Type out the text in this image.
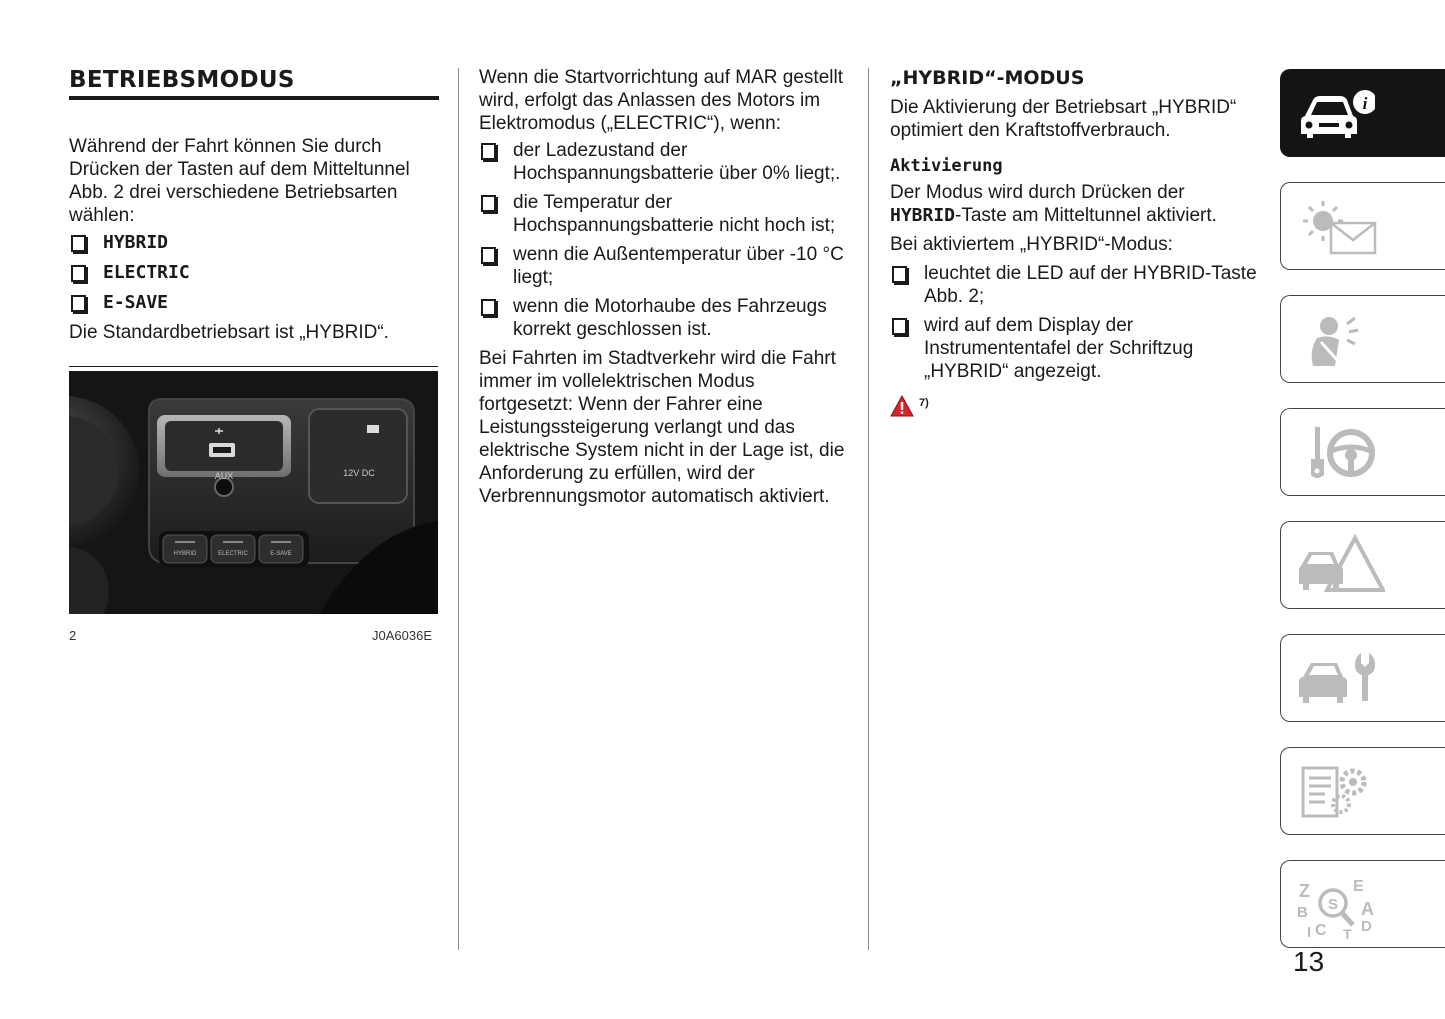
BETRIEBSMODUS

Während der Fahrt können Sie durch Drücken der Tasten auf dem Mitteltunnel Abb. 2 drei verschiedene Betriebsarten wählen:

HYBRID
ELECTRIC
E-SAVE

Die Standardbetriebsart ist „HYBRID“.

AUX	12V DC
HYBRID	ELECTRIC	E-SAVE
2	J0A6036E

Wenn die Startvorrichtung auf MAR gestellt wird, erfolgt das Anlassen des Motors im Elektromodus („ELECTRIC“), wenn:

der Ladezustand der Hochspannungsbatterie über 0% liegt;.
die Temperatur der Hochspannungsbatterie nicht hoch ist;
wenn die Außentemperatur über -10 °C liegt;
wenn die Motorhaube des Fahrzeugs korrekt geschlossen ist.

Bei Fahrten im Stadtverkehr wird die Fahrt immer im vollelektrischen Modus fortgesetzt: Wenn der Fahrer eine Leistungssteigerung verlangt und das elektrische System nicht in der Lage ist, die Anforderung zu erfüllen, wird der Verbrennungsmotor automatisch aktiviert.

„HYBRID“-MODUS

Die Aktivierung der Betriebsart „HYBRID“ optimiert den Kraftstoffverbrauch.

Aktivierung

Der Modus wird durch Drücken der HYBRID-Taste am Mitteltunnel aktiviert.

Bei aktiviertem „HYBRID“-Modus:

leuchtet die LED auf der HYBRID-Taste Abb. 2;
wird auf dem Display der Instrumententafel der Schriftzug „HYBRID“ angezeigt.
7)
i
Z	E
B	A
C D
I T
S
13
